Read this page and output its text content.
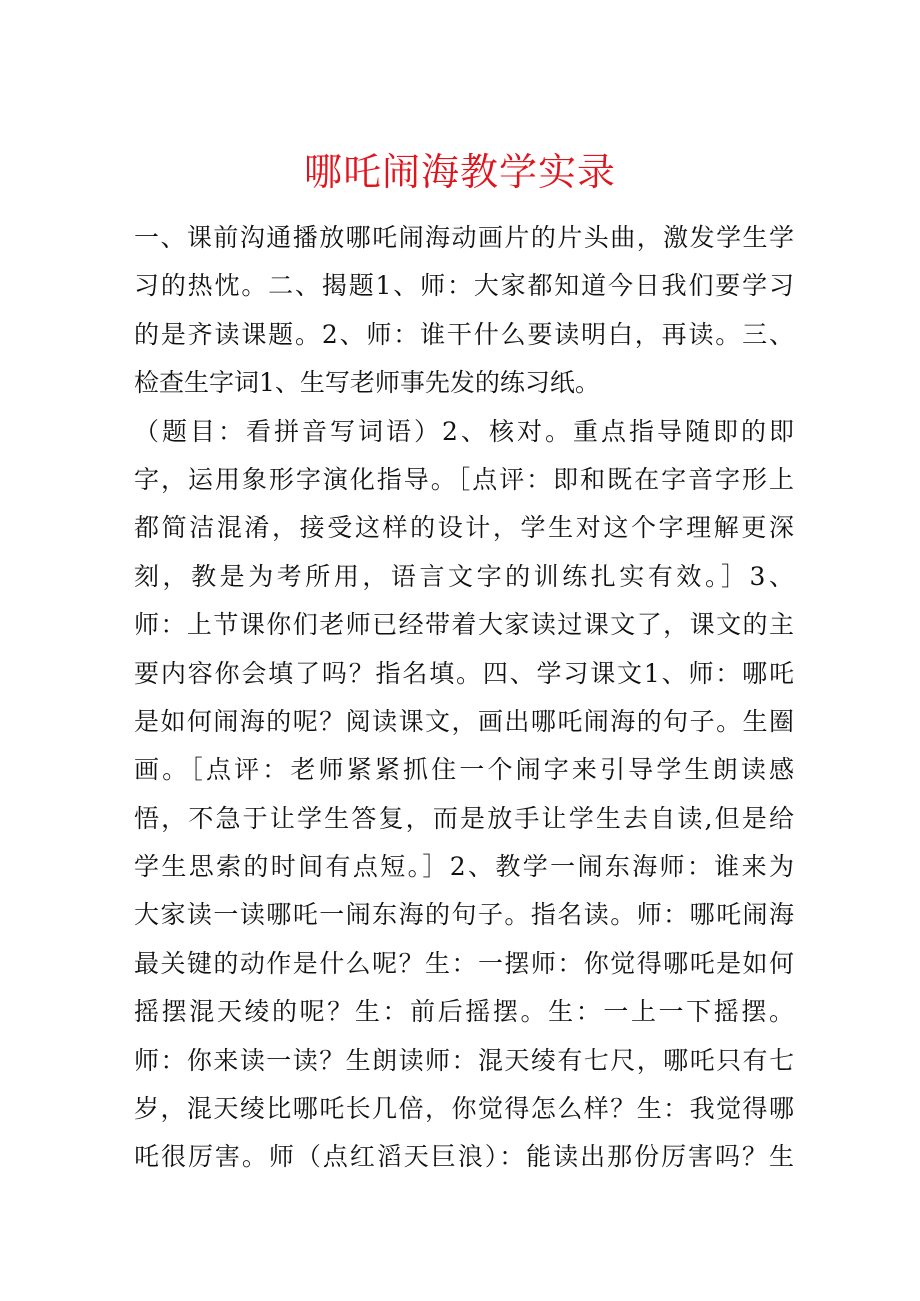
哪吒闹海教学实录
一、课前沟通播放哪吒闹海动画片的片头曲，激发学生学
习的热忱。二、揭题1、师：大家都知道今日我们要学习
的是齐读课题。2、师：谁干什么要读明白，再读。三、
检查生字词1、生写老师事先发的练习纸。
（题目：看拼音写词语）2、核对。重点指导随即的即
字，运用象形字演化指导。［点评：即和既在字音字形上
都简洁混淆，接受这样的设计，学生对这个字理解更深
刻，教是为考所用，语言文字的训练扎实有效。］3、
师：上节课你们老师已经带着大家读过课文了，课文的主
要内容你会填了吗？指名填。四、学习课文1、师：哪吒
是如何闹海的呢？阅读课文，画出哪吒闹海的句子。生圈
画。［点评：老师紧紧抓住一个闹字来引导学生朗读感
悟，不急于让学生答复，而是放手让学生去自读,但是给
学生思索的时间有点短。］2、教学一闹东海师：谁来为
大家读一读哪吒一闹东海的句子。指名读。师：哪吒闹海
最关键的动作是什么呢？生：一摆师：你觉得哪吒是如何
摇摆混天绫的呢？生：前后摇摆。生：一上一下摇摆。
师：你来读一读？生朗读师：混天绫有七尺，哪吒只有七
岁，混天绫比哪吒长几倍，你觉得怎么样？生：我觉得哪
吒很厉害。师（点红滔天巨浪）：能读出那份厉害吗？生
